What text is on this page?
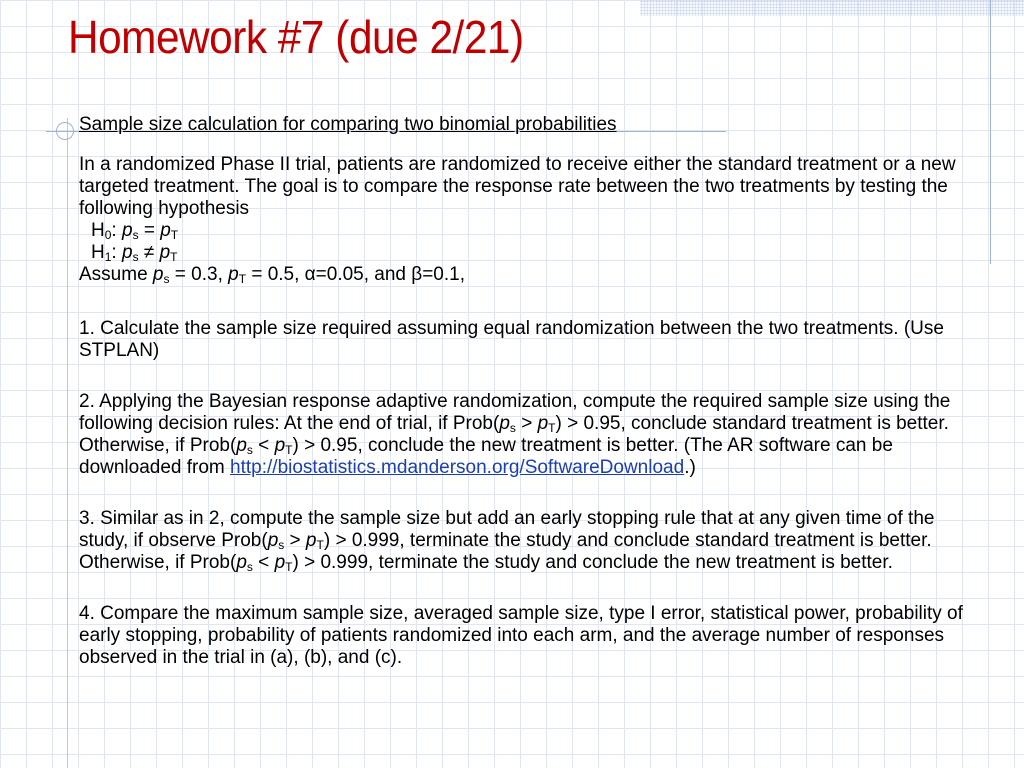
Homework #7 (due 2/21)

Sample size calculation for comparing two binomial probabilities

In a randomized Phase II trial, patients are randomized to receive either the standard treatment or a new targeted treatment. The goal is to compare the response rate between the two treatments by testing the following hypothesis

$H_0$: $p_s = p_T$

$H_1$: $p_s \ne p_T$

Assume $p_s = 0.3$, $p_T = 0.5$, α=0.05, and β=0.1,

1. Calculate the sample size required assuming equal randomization between the two treatments. (Use STPLAN)

2. Applying the Bayesian response adaptive randomization, compute the required sample size using the following decision rules: At the end of trial, if $Prob(p_s > p_T) > 0.95$, conclude standard treatment is better. Otherwise, if $Prob(p_s < p_T) > 0.95$, conclude the new treatment is better. (The AR software can be downloaded from http://biostatistics.mdanderson.org/SoftwareDownload.)

3. Similar as in 2, compute the sample size but add an early stopping rule that at any given time of the study, if observe $Prob(p_s > p_T) > 0.999$, terminate the study and conclude standard treatment is better. Otherwise, if $Prob(p_s < p_T) > 0.999$, terminate the study and conclude the new treatment is better.

4. Compare the maximum sample size, averaged sample size, type I error, statistical power, probability of early stopping, probability of patients randomized into each arm, and the average number of responses observed in the trial in (a), (b), and (c).
